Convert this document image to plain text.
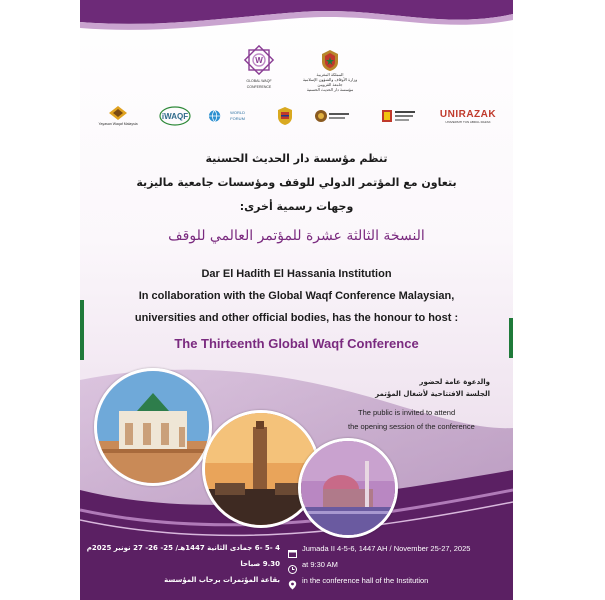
W
GLOBAL WAQF CONFERENCE
المملكة المغربية
وزارة الأوقاف والشؤون الإسلامية
جامعة القرويين
مؤسسة دار الحديث الحسنية
Yayasan Waqaf Malaysia
iWAQF	WORLD FORUM	UNIRAZAK
UNIVERSITI TUN ABDUL RAZAK
تنظم مؤسسة دار الحديث الحسنية
بتعاون مع المؤتمر الدولي للوقف ومؤسسات جامعية ماليزية
وجهات رسمية أخرى:
النسخة الثالثة عشرة للمؤتمر العالمي للوقف
Dar El Hadith El Hassania Institution
In collaboration with the Global Waqf Conference Malaysian,
universities and other official bodies, has the honour to host :
The Thirteenth Global Waqf Conference
والدعوة عامة لحضور
الجلسة الافتتاحية لأشغال المؤتمر
The public is invited to attend
the opening session of the conference
4 -5 -6 جمادى الثانية 1447هـ/ 25- 26- 27 نونبر 2025م
9.30 صباحا
بقاعة المؤتمرات برحاب المؤسسة
Jumada II 4-5-6, 1447 AH / November 25-27, 2025
at 9:30 AM
in the conference hall of the Institution
